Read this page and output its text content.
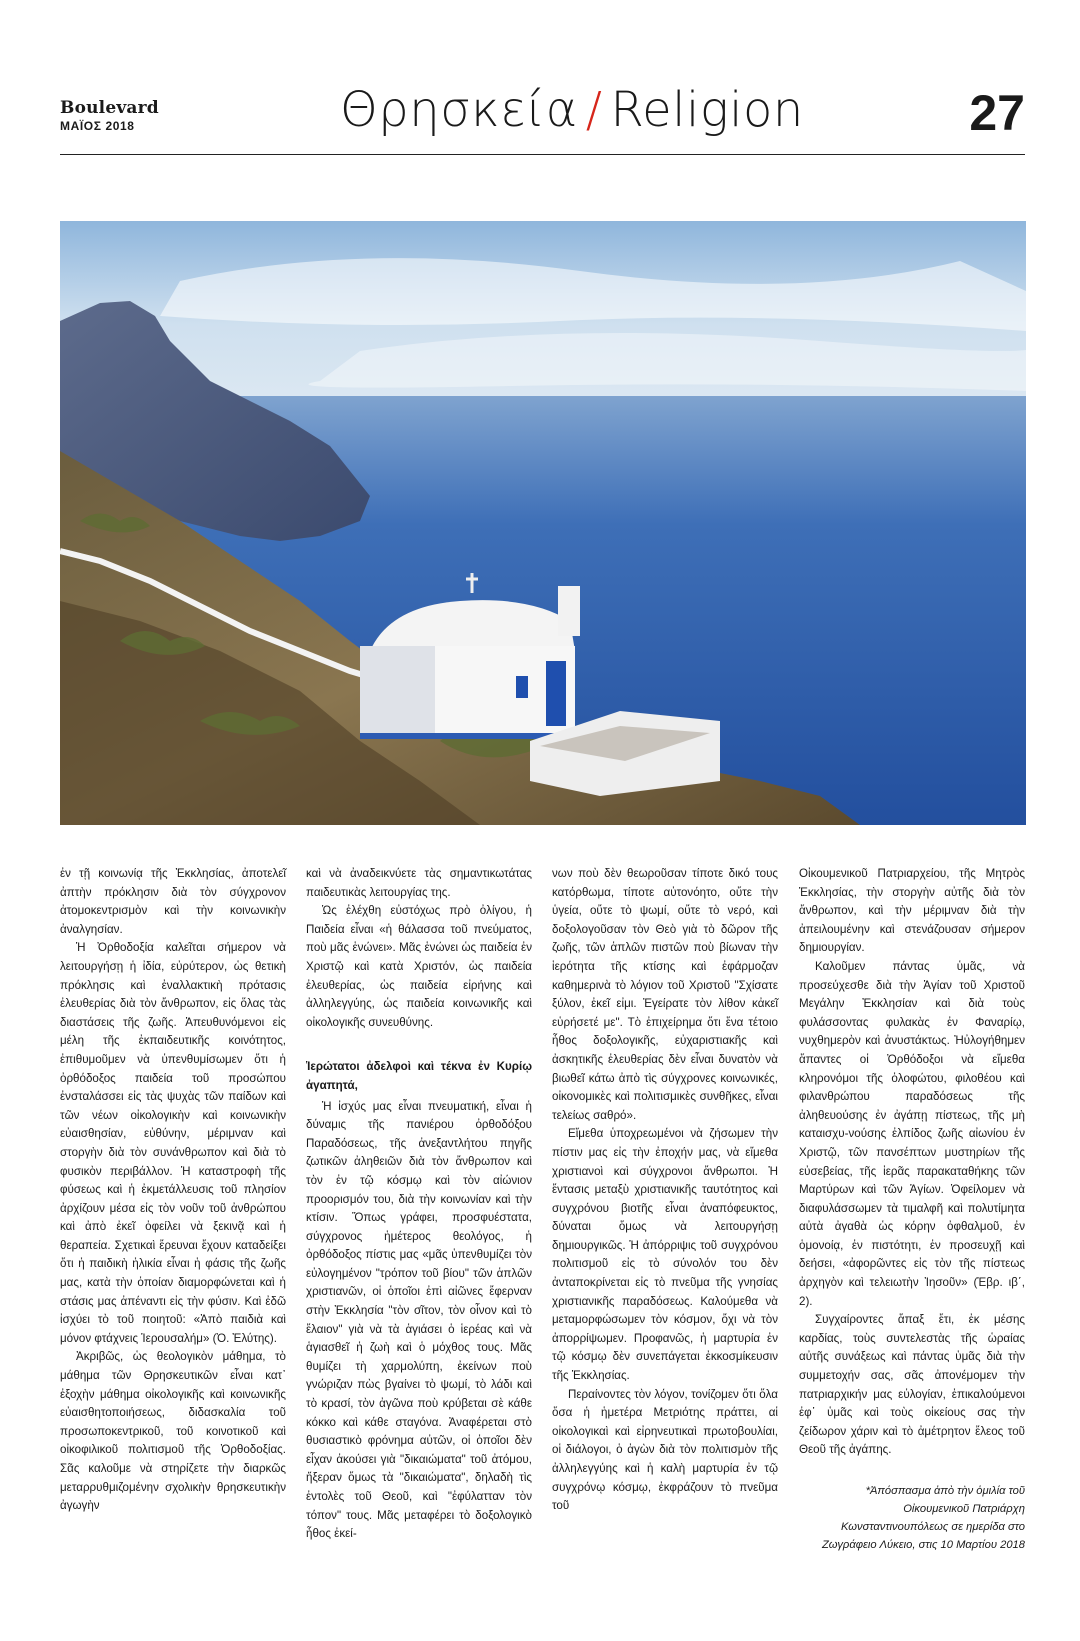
Boulevard
ΜΑΪΟΣ 2018	Θρησκεία / Religion	27

ἐν τῇ κοινωνίᾳ τῆς Ἐκκλησίας, ἀποτελεῖ ἀπτὴν πρόκλησιν διὰ τὸν σύγχρονον ἀτομοκεντρισμὸν καὶ τὴν κοινωνικὴν ἀναλγησίαν.

Ἡ Ὀρθοδοξία καλεῖται σήμερον νὰ λειτουργήσῃ ἡ ἰδία, εὐρύτερον, ὡς θετικὴ πρόκλησις καὶ ἐναλλακτικὴ πρότασις ἐλευθερίας διὰ τὸν ἄνθρωπον, εἰς ὅλας τὰς διαστάσεις τῆς ζωῆς. Ἀπευθυνόμενοι εἰς μέλη τῆς ἐκπαιδευτικῆς κοινότητος, ἐπιθυμοῦμεν νὰ ὑπενθυμίσωμεν ὅτι ἡ ὀρθόδοξος παιδεία τοῦ προσώπου ἐνσταλάσσει εἰς τὰς ψυχὰς τῶν παίδων καὶ τῶν νέων οἰκολογικὴν καὶ κοινωνικὴν εὐαισθησίαν, εὐθύνην, μέριμναν καὶ στοργὴν διὰ τὸν συνάνθρωπον καὶ διὰ τὸ φυσικὸν περιβάλλον. Ἡ καταστροφὴ τῆς φύσεως καὶ ἡ ἐκμετάλλευσις τοῦ πλησίον ἀρχίζουν μέσα εἰς τὸν νοῦν τοῦ ἀνθρώπου καὶ ἀπὸ ἐκεῖ ὀφείλει νὰ ξεκινᾷ καὶ ἡ θεραπεία. Σχετικαὶ ἔρευναι ἔχουν καταδείξει ὅτι ἡ παιδικὴ ἡλικία εἶναι ἡ φάσις τῆς ζωῆς μας, κατὰ τὴν ὁποίαν διαμορφώνεται καὶ ἡ στάσις μας ἀπέναντι εἰς τὴν φύσιν. Καὶ ἐδῶ ἰσχύει τὸ τοῦ ποιητοῦ: «Ἀπὸ παιδιὰ καὶ μόνον φτάχνεις Ἱερουσαλήμ» (Ὀ. Ἐλύτης).

Ἀκριβῶς, ὡς θεολογικὸν μάθημα, τὸ μάθημα τῶν Θρησκευτικῶν εἶναι κατ᾽ ἐξοχὴν μάθημα οἰκολογικῆς καὶ κοινωνικῆς εὐαισθητοποιήσεως, διδασκαλία τοῦ προσωποκεντρικοῦ, τοῦ κοινοτικοῦ καὶ οἰκοφιλικοῦ πολιτισμοῦ τῆς Ὀρθοδοξίας. Σᾶς καλοῦμε νὰ στηρίζετε τὴν διαρκῶς μεταρρυθμιζομένην σχολικὴν θρησκευτικὴν ἀγωγὴν

καὶ νὰ ἀναδεικνύετε τὰς σημαντικωτάτας παιδευτικὰς λειτουργίας της.

Ὡς ἐλέχθη εὐστόχως πρὸ ὀλίγου, ἡ Παιδεία εἶναι «ἡ θάλασσα τοῦ πνεύματος, ποὺ μᾶς ἑνώνει». Μᾶς ἑνώνει ὡς παιδεία ἐν Χριστῷ καὶ κατὰ Χριστόν, ὡς παιδεία ἐλευθερίας, ὡς παιδεία εἰρήνης καὶ ἀλληλεγγύης, ὡς παιδεία κοινωνικῆς καὶ οἰκολογικῆς συνευθύνης.

Ἱερώτατοι ἀδελφοὶ καὶ τέκνα ἐν Κυρίῳ ἀγαπητά,

Ἡ ἰσχύς μας εἶναι πνευματική, εἶναι ἡ δύναμις τῆς πανιέρου ὀρθοδόξου Παραδόσεως, τῆς ἀνεξαντλήτου πηγῆς ζωτικῶν ἀληθειῶν διὰ τὸν ἄνθρωπον καὶ τὸν ἐν τῷ κόσμῳ καὶ τὸν αἰώνιον προορισμόν του, διὰ τὴν κοινωνίαν καὶ τὴν κτίσιν. Ὅπως γράφει, προσφυέστατα, σύγχρονος ἡμέτερος θεολόγος, ἡ ὀρθόδοξος πίστις μας «μᾶς ὑπενθυμίζει τὸν εὐλογημένον "τρόπον τοῦ βίου" τῶν ἁπλῶν χριστιανῶν, οἱ ὁποῖοι ἐπὶ αἰῶνες ἔφερναν στὴν Ἐκκλησία "τὸν σῖτον, τὸν οἶνον καὶ τὸ ἔλαιον" γιὰ νὰ τὰ ἁγιάσει ὁ ἱερέας καὶ νὰ ἁγιασθεῖ ἡ ζωὴ καὶ ὁ μόχθος τους. Μᾶς θυμίζει τὴ χαρμολύπη, ἐκείνων ποὺ γνώριζαν πὼς βγαίνει τὸ ψωμί, τὸ λάδι καὶ τὸ κρασί, τὸν ἀγῶνα ποὺ κρύβεται σὲ κάθε κόκκο καὶ κάθε σταγόνα. Ἀναφέρεται στὸ θυσιαστικὸ φρόνημα αὐτῶν, οἱ ὁποῖοι δὲν εἶχαν ἀκούσει γιὰ "δικαιώματα" τοῦ ἀτόμου, ἤξεραν ὅμως τὰ "δικαιώματα", δηλαδὴ τὶς ἐντολὲς τοῦ Θεοῦ, καὶ "ἐφύλατταν τὸν τόπον" τους. Μᾶς μεταφέρει τὸ δοξολογικὸ ἦθος ἐκεί-

νων ποὺ δὲν θεωροῦσαν τίποτε δικό τους κατόρθωμα, τίποτε αὐτονόητο, οὔτε τὴν ὑγεία, οὔτε τὸ ψωμί, οὔτε τὸ νερό, καὶ δοξολογοῦσαν τὸν Θεὸ γιὰ τὸ δῶρον τῆς ζωῆς, τῶν ἁπλῶν πιστῶν ποὺ βίωναν τὴν ἱερότητα τῆς κτίσης καὶ ἐφάρμοζαν καθημερινὰ τὸ λόγιον τοῦ Χριστοῦ "Σχίσατε ξύλον, ἐκεῖ εἰμι. Ἐγείρατε τὸν λίθον κἀκεῖ εὑρήσετέ με". Τὸ ἐπιχείρημα ὅτι ἕνα τέτοιο ἦθος δοξολογικῆς, εὐχαριστιακῆς καὶ ἀσκητικῆς ἐλευθερίας δὲν εἶναι δυνατὸν νὰ βιωθεῖ κάτω ἀπὸ τὶς σύγχρονες κοινωνικές, οἰκονομικὲς καὶ πολιτισμικὲς συνθῆκες, εἶναι τελείως σαθρό».

Εἴμεθα ὑποχρεωμένοι νὰ ζήσωμεν τὴν πίστιν μας εἰς τὴν ἐποχήν μας, νὰ εἴμεθα χριστιανοὶ καὶ σύγχρονοι ἄνθρωποι. Ἡ ἔντασις μεταξὺ χριστιανικῆς ταυτότητος καὶ συγχρόνου βιοτῆς εἶναι ἀναπόφευκτος, δύναται ὅμως νὰ λειτουργήσῃ δημιουργικῶς. Ἡ ἀπόρριψις τοῦ συγχρόνου πολιτισμοῦ εἰς τὸ σύνολόν του δὲν ἀνταποκρίνεται εἰς τὸ πνεῦμα τῆς γνησίας χριστιανικῆς παραδόσεως. Καλούμεθα νὰ μεταμορφώσωμεν τὸν κόσμον, ὄχι νὰ τὸν ἀπορρίψωμεν. Προφανῶς, ἡ μαρτυρία ἐν τῷ κόσμῳ δὲν συνεπάγεται ἐκκοσμίκευσιν τῆς Ἐκκλησίας.

Περαίνοντες τὸν λόγον, τονίζομεν ὅτι ὅλα ὅσα ἡ ἡμετέρα Μετριότης πράττει, αἱ οἰκολογικαὶ καὶ εἰρηνευτικαὶ πρωτοβουλίαι, οἱ διάλογοι, ὁ ἀγὼν διὰ τὸν πολιτισμὸν τῆς ἀλληλεγγύης καὶ ἡ καλὴ μαρτυρία ἐν τῷ συγχρόνῳ κόσμῳ, ἐκφράζουν τὸ πνεῦμα τοῦ

Οἰκουμενικοῦ Πατριαρχείου, τῆς Μητρὸς Ἐκκλησίας, τὴν στοργὴν αὐτῆς διὰ τὸν ἄνθρωπον, καὶ τὴν μέριμναν διὰ τὴν ἀπειλουμένην καὶ στενάζουσαν σήμερον δημιουργίαν.

Καλοῦμεν πάντας ὑμᾶς, νὰ προσεύχεσθε διὰ τὴν Ἁγίαν τοῦ Χριστοῦ Μεγάλην Ἐκκλησίαν καὶ διὰ τοὺς φυλάσσοντας φυλακὰς ἐν Φαναρίῳ, νυχθημερὸν καὶ ἀνυστάκτως. Ἠὐλογήθημεν ἅπαντες οἱ Ὀρθόδοξοι νὰ εἴμεθα κληρονόμοι τῆς ὁλοφώτου, φιλοθέου καὶ φιλανθρώπου παραδόσεως τῆς ἀληθευούσης ἐν ἀγάπῃ πίστεως, τῆς μὴ καταισχυ-νούσης ἐλπίδος ζωῆς αἰωνίου ἐν Χριστῷ, τῶν πανσέπτων μυστηρίων τῆς εὐσεβείας, τῆς ἱερᾶς παρακαταθήκης τῶν Μαρτύρων καὶ τῶν Ἁγίων. Ὀφείλομεν νὰ διαφυλάσσωμεν τὰ τιμαλφῆ καὶ πολυτίμητα αὐτὰ ἀγαθὰ ὡς κόρην ὀφθαλμοῦ, ἐν ὁμονοίᾳ, ἐν πιστότητι, ἐν προσευχῇ καὶ δεήσει, «ἀφορῶντες εἰς τὸν τῆς πίστεως ἀρχηγὸν καὶ τελειωτὴν Ἰησοῦν» (Ἑβρ. ιβ΄, 2).

Συγχαίροντες ἅπαξ ἔτι, ἐκ μέσης καρδίας, τοὺς συντελεστὰς τῆς ὡραίας αὐτῆς συνάξεως καὶ πάντας ὑμᾶς διὰ τὴν συμμετοχήν σας, σᾶς ἀπονέμομεν τὴν πατριαρχικήν μας εὐλογίαν, ἐπικαλούμενοι ἐφ᾽ ὑμᾶς καὶ τοὺς οἰκείους σας τὴν ζείδωρον χάριν καὶ τὸ ἀμέτρητον ἔλεος τοῦ Θεοῦ τῆς ἀγάπης.

*Ἀπόσπασμα ἀπὸ τὴν ὁμιλία τοῦ Οἰκουμενικοῦ Πατριάρχη Κωνσταντινουπόλεως σε ημερίδα στο Ζωγράφειο Λύκειο, στις 10 Μαρτίου 2018
